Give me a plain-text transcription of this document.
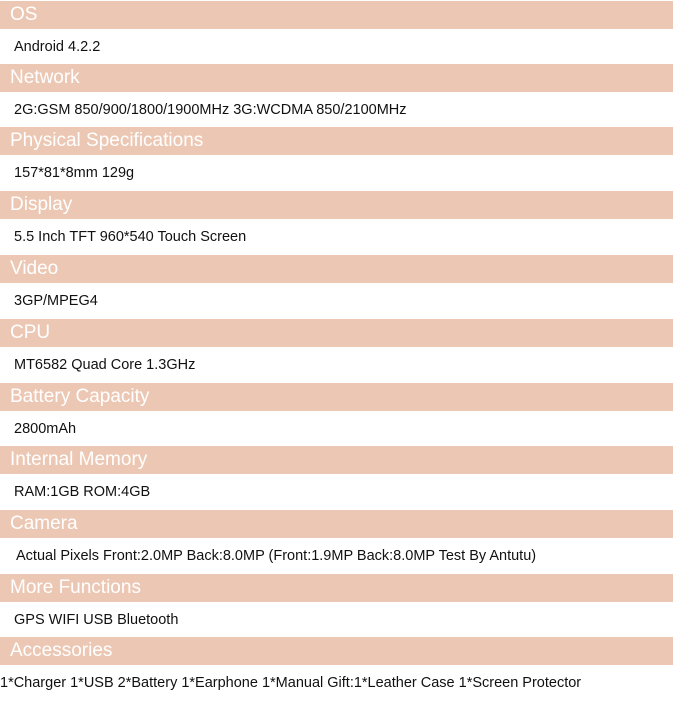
OS
Android 4.2.2
Network
2G:GSM 850/900/1800/1900MHz 3G:WCDMA 850/2100MHz
Physical Specifications
157*81*8mm 129g
Display
5.5 Inch TFT 960*540 Touch Screen
Video
3GP/MPEG4
CPU
MT6582 Quad Core 1.3GHz
Battery Capacity
2800mAh
Internal Memory
RAM:1GB ROM:4GB
Camera
Actual Pixels Front:2.0MP Back:8.0MP (Front:1.9MP Back:8.0MP Test By Antutu)
More Functions
GPS WIFI USB Bluetooth
Accessories
1*Charger 1*USB 2*Battery 1*Earphone 1*Manual Gift:1*Leather Case 1*Screen Protector
